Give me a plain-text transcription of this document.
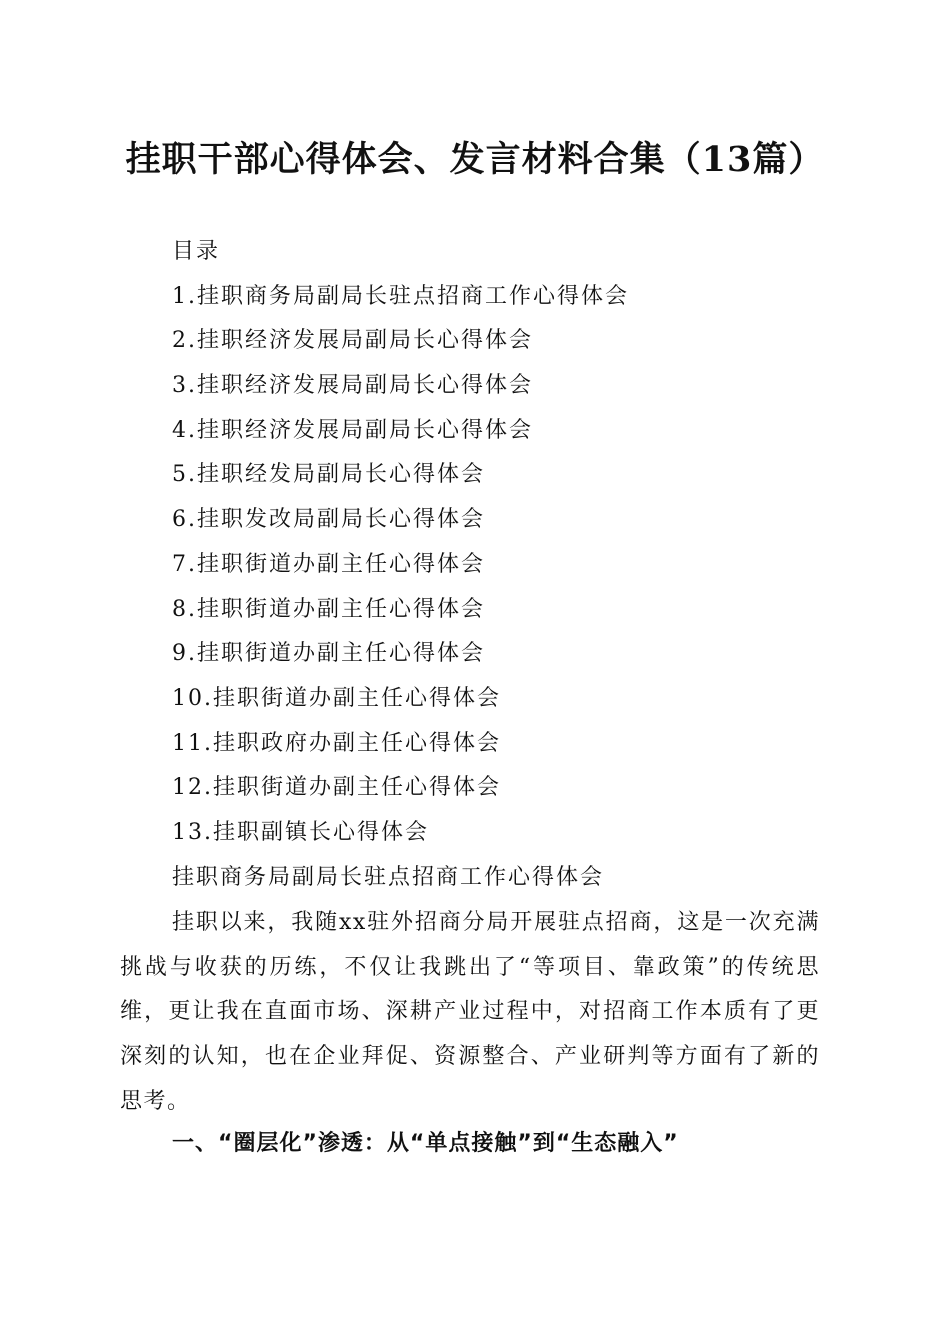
挂职干部心得体会、发言材料合集（13篇）
目录
1.挂职商务局副局长驻点招商工作心得体会
2.挂职经济发展局副局长心得体会
3.挂职经济发展局副局长心得体会
4.挂职经济发展局副局长心得体会
5.挂职经发局副局长心得体会
6.挂职发改局副局长心得体会
7.挂职街道办副主任心得体会
8.挂职街道办副主任心得体会
9.挂职街道办副主任心得体会
10.挂职街道办副主任心得体会
11.挂职政府办副主任心得体会
12.挂职街道办副主任心得体会
13.挂职副镇长心得体会
挂职商务局副局长驻点招商工作心得体会

挂职以来，我随xx驻外招商分局开展驻点招商，这是一次充满挑战与收获的历练，不仅让我跳出了“等项目、靠政策”的传统思维，更让我在直面市场、深耕产业过程中，对招商工作本质有了更深刻的认知，也在企业拜促、资源整合、产业研判等方面有了新的思考。

一、“圈层化”渗透：从“单点接触”到“生态融入”
